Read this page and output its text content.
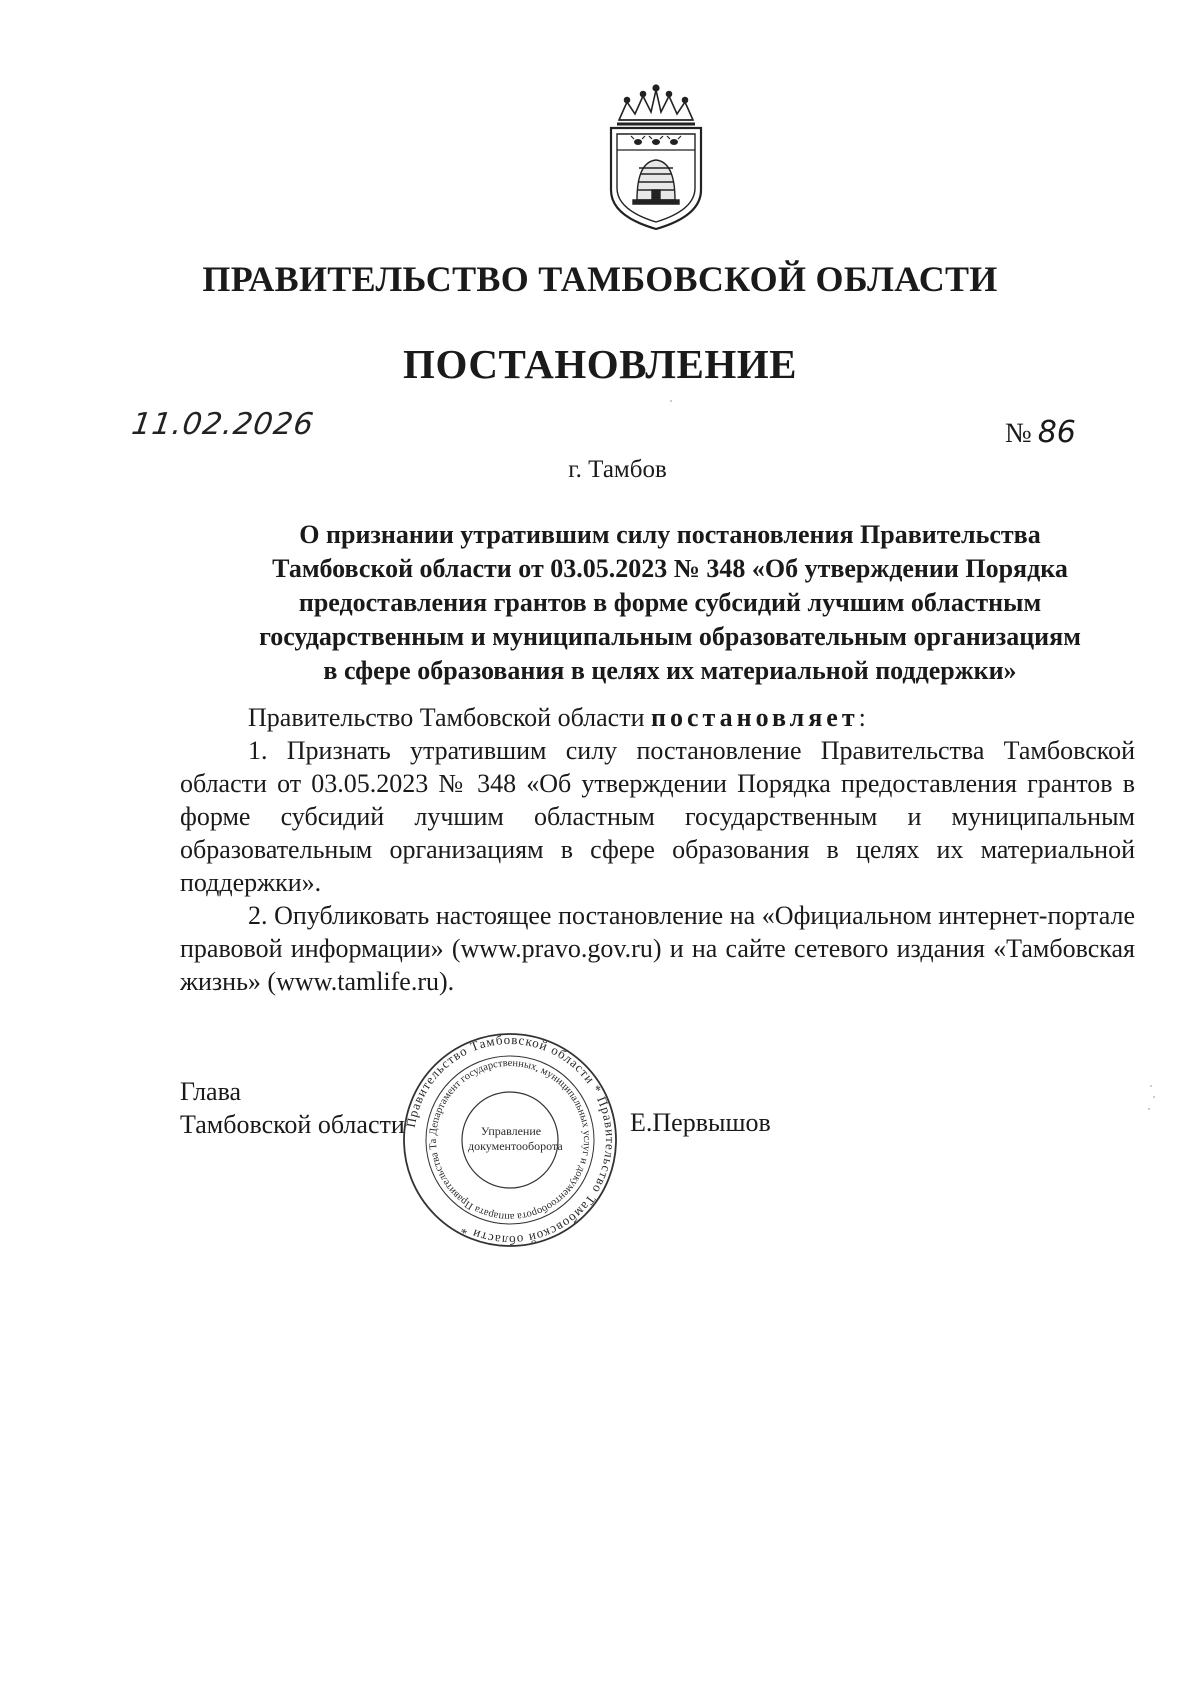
ПРАВИТЕЛЬСТВО ТАМБОВСКОЙ ОБЛАСТИ
ПОСТАНОВЛЕНИЕ
11.02.2026	№ 86
г. Тамбов
О признании утратившим силу постановления Правительства
Тамбовской области от 03.05.2023 № 348 «Об утверждении Порядка
предоставления грантов в форме субсидий лучшим областным
государственным и муниципальным образовательным организациям
в сфере образования в целях их материальной поддержки»

Правительство Тамбовской области постановляет:

1. Признать утратившим силу постановление Правительства Тамбовской области от 03.05.2023 № 348 «Об утверждении Порядка предоставления грантов в форме субсидий лучшим областным государственным и муниципальным образовательным организациям в сфере образования в целях их материальной поддержки».

2. Опубликовать настоящее постановление на «Официальном интернет-портале правовой информации» (www.pravo.gov.ru) и на сайте сетевого издания «Тамбовская жизнь» (www.tamlife.ru).

Глава
Тамбовской области	Е.Первышов
Правительство Тамбовской области * Правительство Тамбовской области *
Департамент государственных, муниципальных услуг и документооборота аппарата Правительства Та
Управление документооборота
